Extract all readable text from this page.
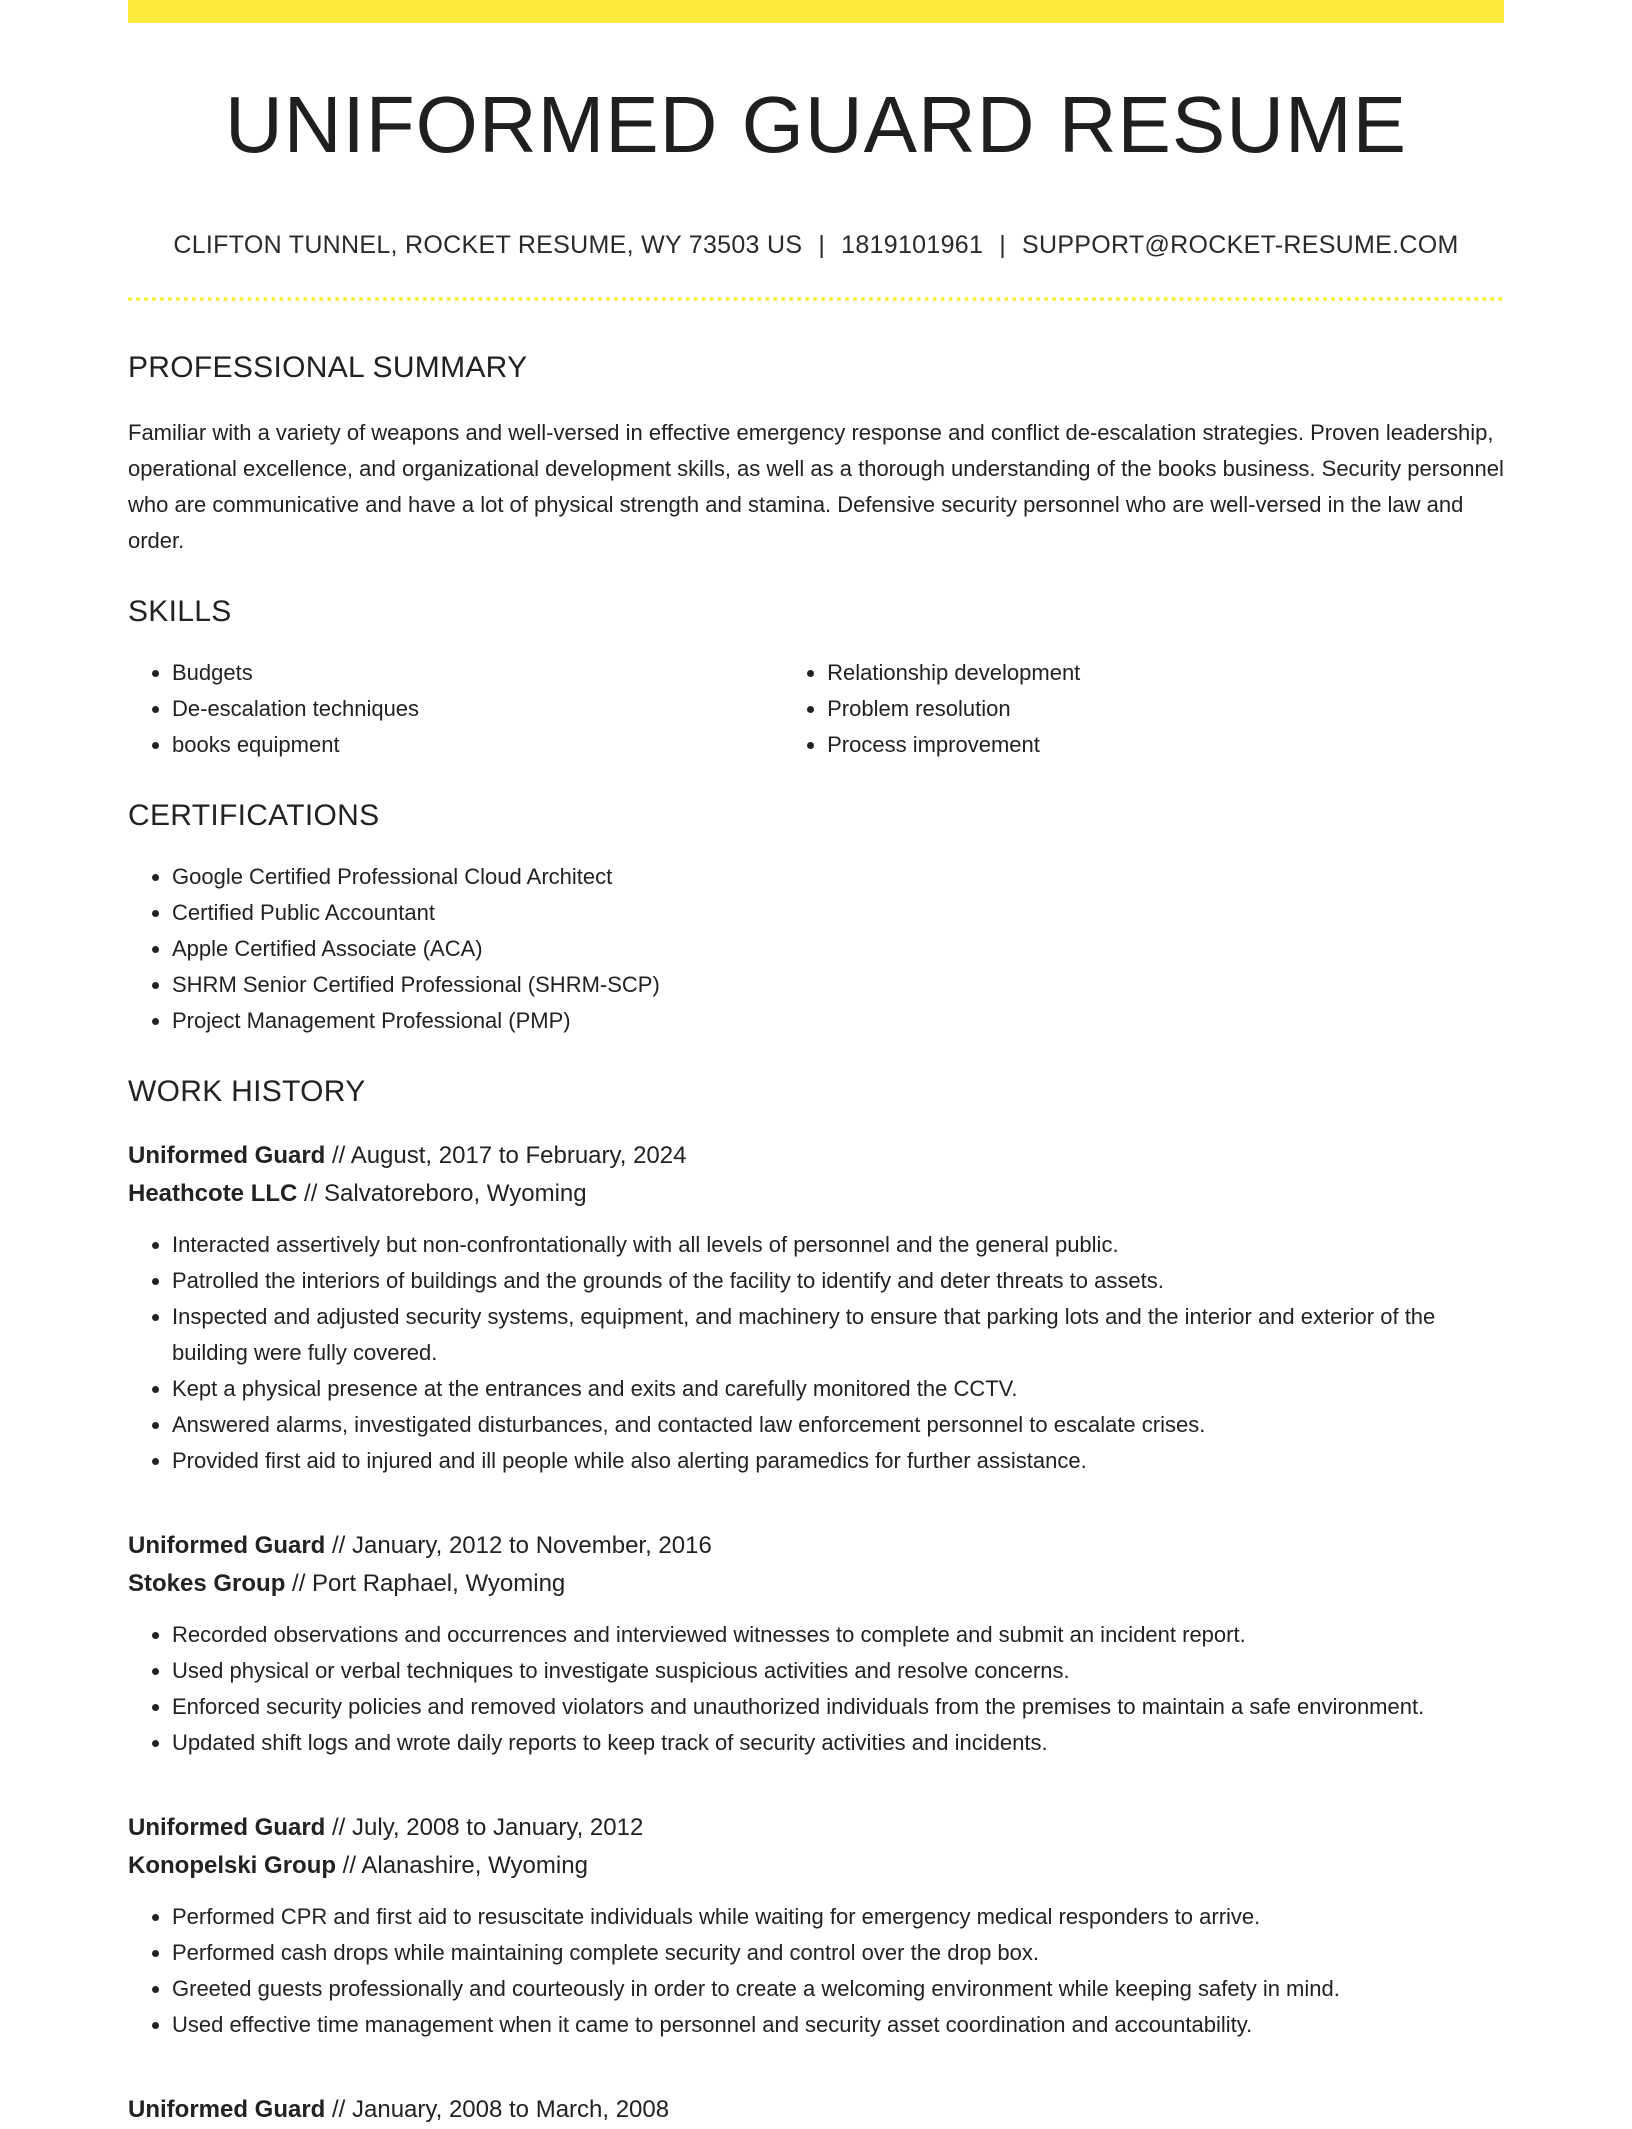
UNIFORMED GUARD RESUME
CLIFTON TUNNEL, ROCKET RESUME, WY 73503 US | 1819101961 | SUPPORT@ROCKET-RESUME.COM
PROFESSIONAL SUMMARY

Familiar with a variety of weapons and well-versed in effective emergency response and conflict de-escalation strategies. Proven leadership, operational excellence, and organizational development skills, as well as a thorough understanding of the books business. Security personnel who are communicative and have a lot of physical strength and stamina. Defensive security personnel who are well-versed in the law and order.

SKILLS
• Budgets
• De-escalation techniques
• books equipment
• Relationship development
• Problem resolution
• Process improvement
CERTIFICATIONS
• Google Certified Professional Cloud Architect
• Certified Public Accountant
• Apple Certified Associate (ACA)
• SHRM Senior Certified Professional (SHRM-SCP)
• Project Management Professional (PMP)
WORK HISTORY
Uniformed Guard // August, 2017 to February, 2024
Heathcote LLC // Salvatoreboro, Wyoming
• Interacted assertively but non-confrontationally with all levels of personnel and the general public.
• Patrolled the interiors of buildings and the grounds of the facility to identify and deter threats to assets.
• Inspected and adjusted security systems, equipment, and machinery to ensure that parking lots and the interior and exterior of the building were fully covered.
• Kept a physical presence at the entrances and exits and carefully monitored the CCTV.
• Answered alarms, investigated disturbances, and contacted law enforcement personnel to escalate crises.
• Provided first aid to injured and ill people while also alerting paramedics for further assistance.
Uniformed Guard // January, 2012 to November, 2016
Stokes Group // Port Raphael, Wyoming
• Recorded observations and occurrences and interviewed witnesses to complete and submit an incident report.
• Used physical or verbal techniques to investigate suspicious activities and resolve concerns.
• Enforced security policies and removed violators and unauthorized individuals from the premises to maintain a safe environment.
• Updated shift logs and wrote daily reports to keep track of security activities and incidents.
Uniformed Guard // July, 2008 to January, 2012
Konopelski Group // Alanashire, Wyoming
• Performed CPR and first aid to resuscitate individuals while waiting for emergency medical responders to arrive.
• Performed cash drops while maintaining complete security and control over the drop box.
• Greeted guests professionally and courteously in order to create a welcoming environment while keeping safety in mind.
• Used effective time management when it came to personnel and security asset coordination and accountability.
Uniformed Guard // January, 2008 to March, 2008
